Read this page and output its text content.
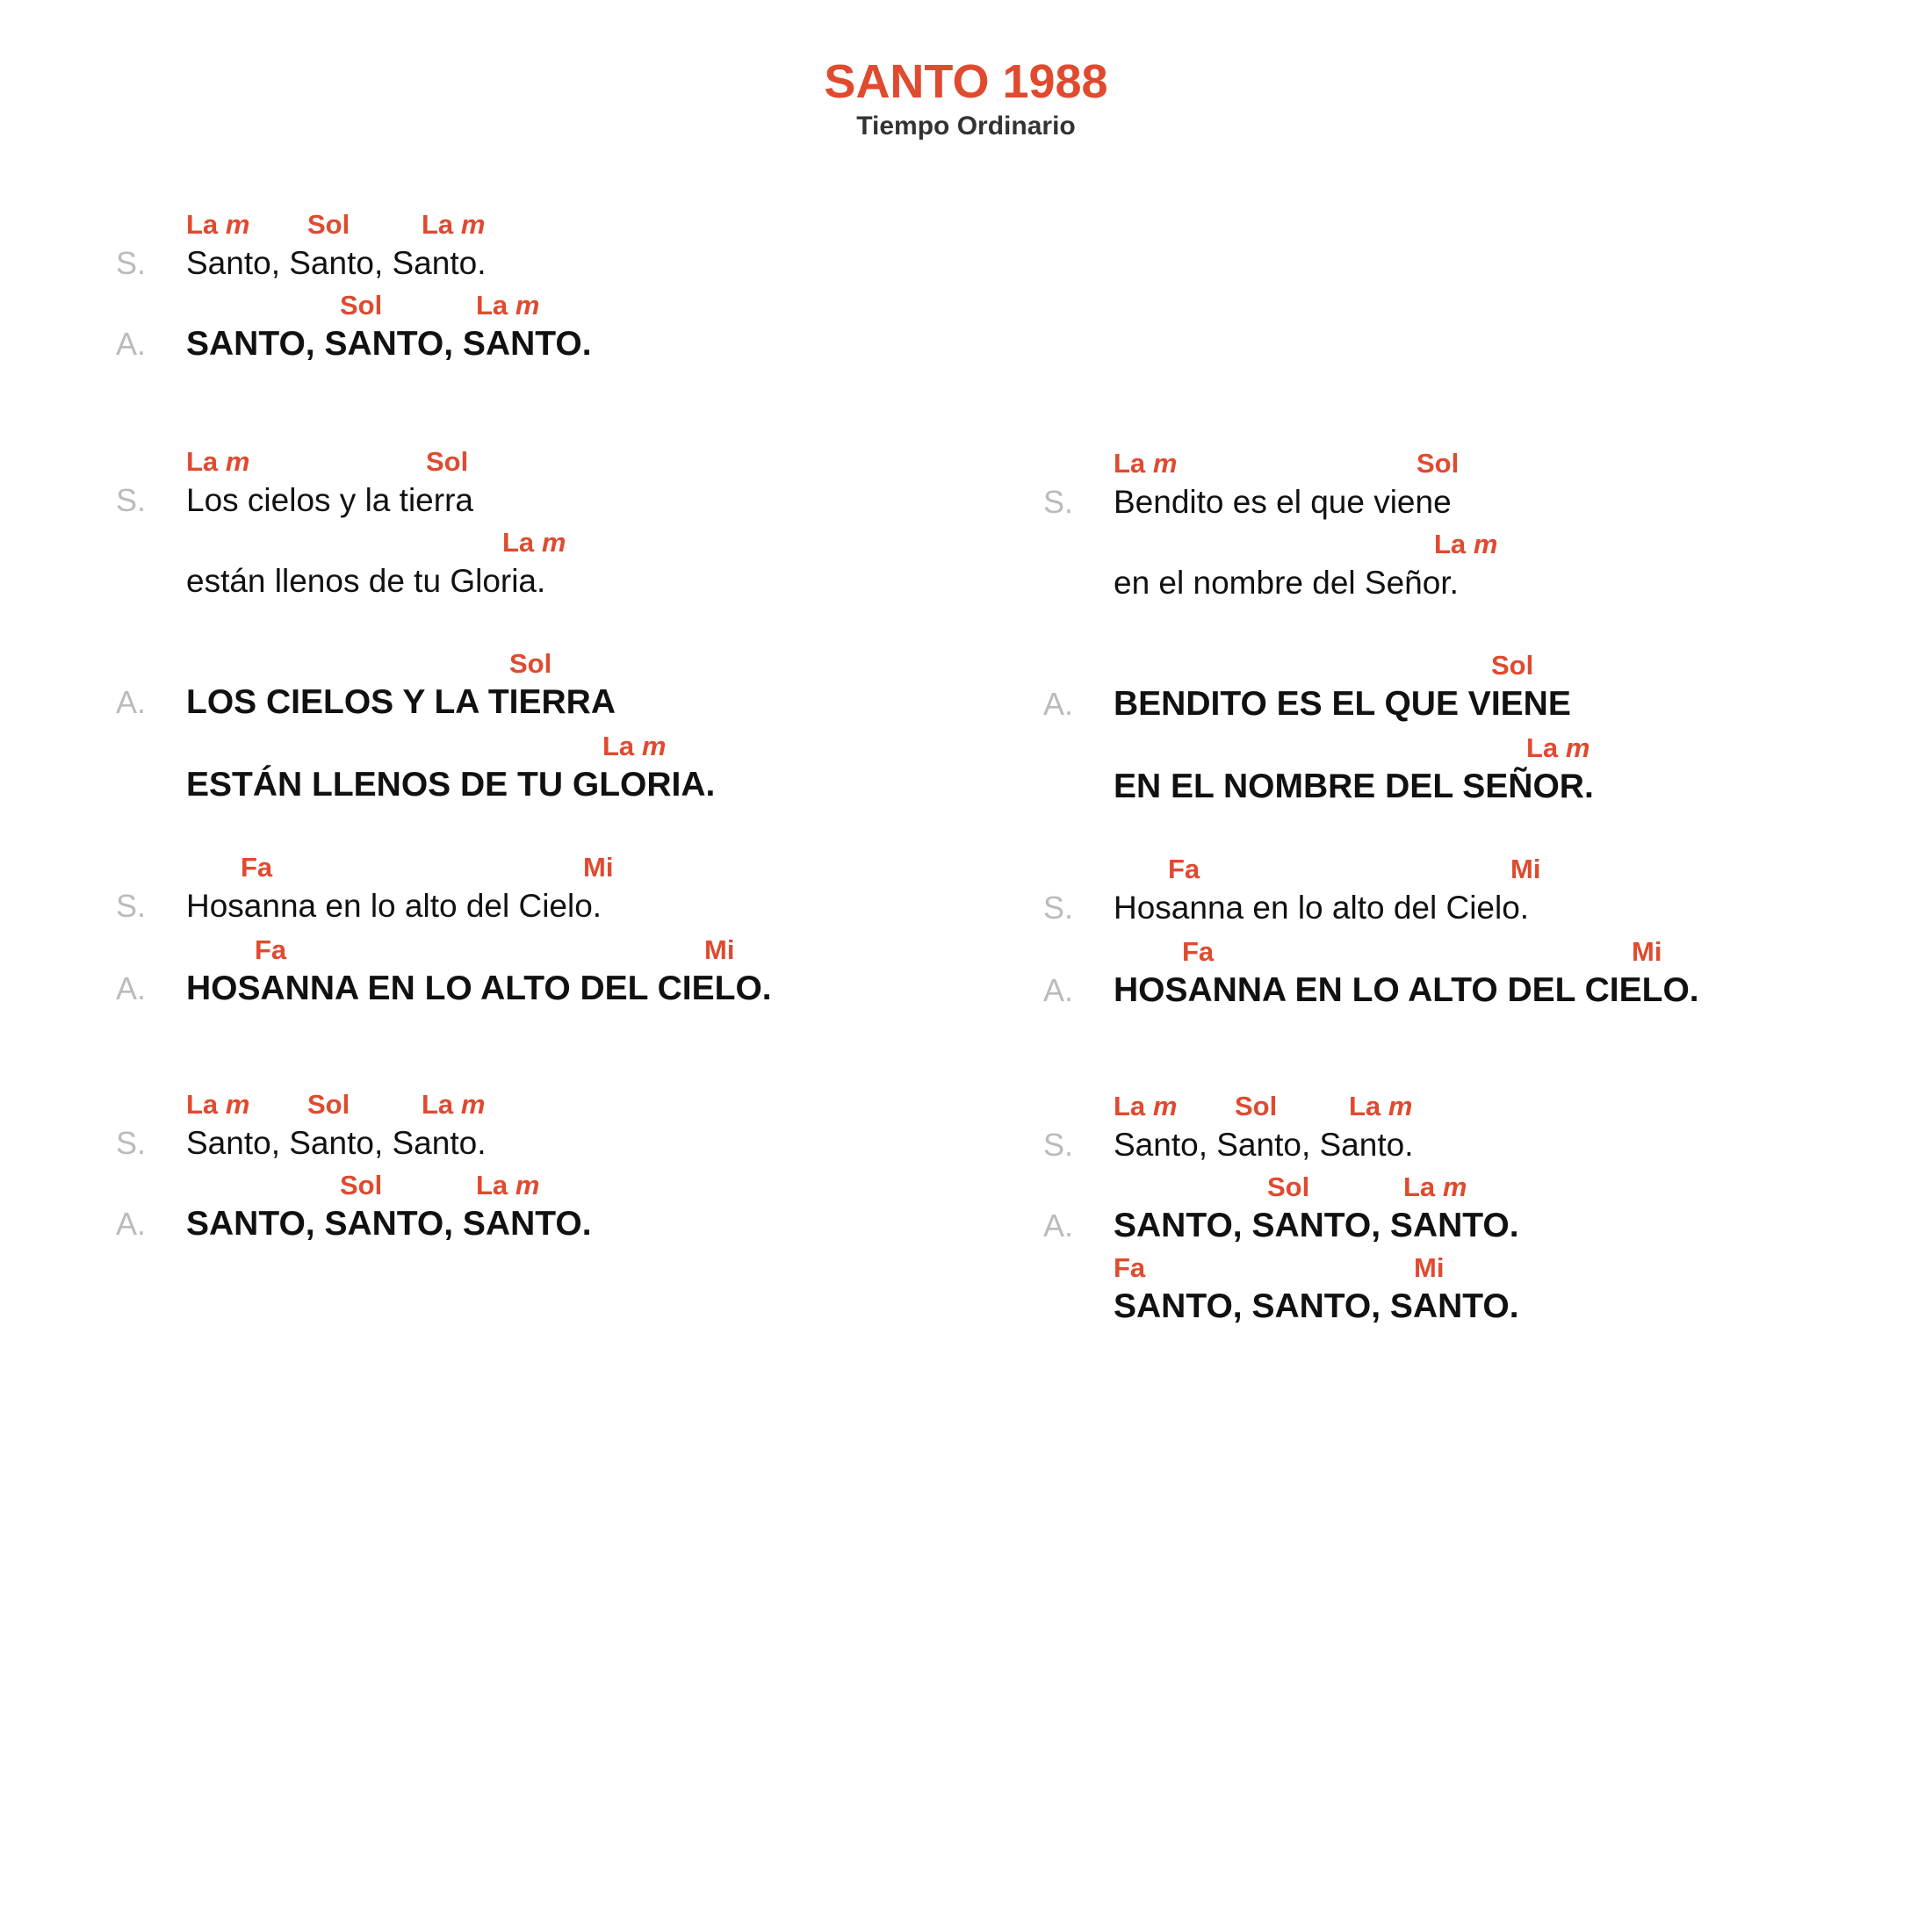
SANTO 1988
Tiempo Ordinario
La m Sol	La m
S. Santo, Santo, Santo.
Sol	La m
A. SANTO, SANTO, SANTO.
La m	Sol
S. Los cielos y la tierra
La m
están llenos de tu Gloria.
Sol
A. LOS CIELOS Y LA TIERRA
La m
ESTÁN LLENOS DE TU GLORIA.
Fa	Mi
S. Hosanna en lo alto del Cielo.
Fa	Mi
A. HOSANNA EN LO ALTO DEL CIELO.
La m Sol	La m
S. Santo, Santo, Santo.
Sol	La m
A. SANTO, SANTO, SANTO.
La m	Sol
S. Bendito es el que viene
La m
en el nombre del Señor.
Sol
A. BENDITO ES EL QUE VIENE
La m
EN EL NOMBRE DEL SEÑOR.
Fa	Mi
S. Hosanna en lo alto del Cielo.
Fa	Mi
A. HOSANNA EN LO ALTO DEL CIELO.
La m Sol	La m
S. Santo, Santo, Santo.
Sol	La m
A. SANTO, SANTO, SANTO.
Fa	Mi
SANTO, SANTO, SANTO.
